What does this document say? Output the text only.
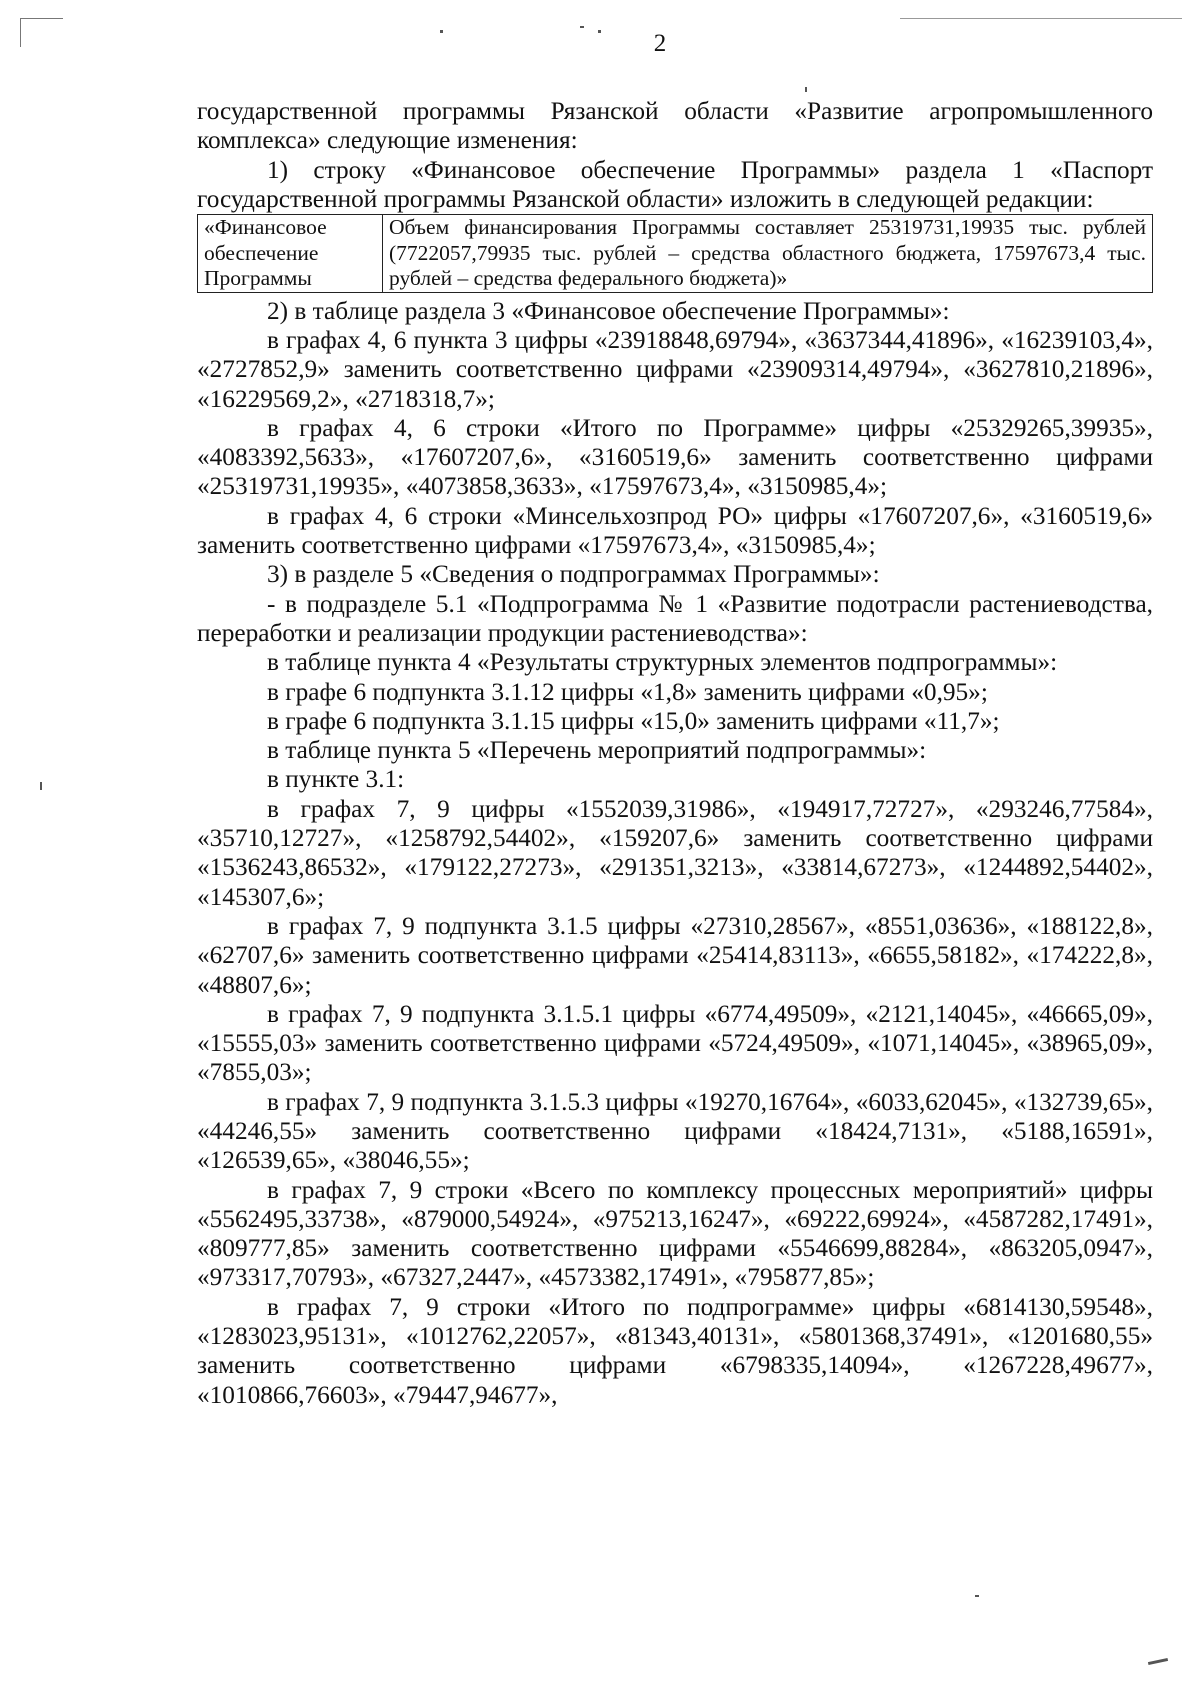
2

государственной программы Рязанской области «Развитие агропромышленного комплекса» следующие изменения:

1) строку «Финансовое обеспечение Программы» раздела 1 «Паспорт государственной программы Рязанской области» изложить в следующей редакции:

«Финансовое обеспечение Программы	Объем финансирования Программы составляет 25319731,19935 тыс. рублей (7722057,79935 тыс. рублей – средства областного бюджета, 17597673,4 тыс. рублей – средства федерального бюджета)»

2) в таблице раздела 3 «Финансовое обеспечение Программы»:

в графах 4, 6 пункта 3 цифры «23918848,69794», «3637344,41896», «16239103,4», «2727852,9» заменить соответственно цифрами «23909314,49794», «3627810,21896», «16229569,2», «2718318,7»;

в графах 4, 6 строки «Итого по Программе» цифры «25329265,39935», «4083392,5633», «17607207,6», «3160519,6» заменить соответственно цифрами «25319731,19935», «4073858,3633», «17597673,4», «3150985,4»;

в графах 4, 6 строки «Минсельхозпрод РО» цифры «17607207,6», «3160519,6» заменить соответственно цифрами «17597673,4», «3150985,4»;

3) в разделе 5 «Сведения о подпрограммах Программы»:

- в подразделе 5.1 «Подпрограмма № 1 «Развитие подотрасли растениеводства, переработки и реализации продукции растениеводства»:

в таблице пункта 4 «Результаты структурных элементов подпрограммы»:

в графе 6 подпункта 3.1.12 цифры «1,8» заменить цифрами «0,95»;

в графе 6 подпункта 3.1.15 цифры «15,0» заменить цифрами «11,7»;

в таблице пункта 5 «Перечень мероприятий подпрограммы»:

в пункте 3.1:

в графах 7, 9 цифры «1552039,31986», «194917,72727», «293246,77584», «35710,12727», «1258792,54402», «159207,6» заменить соответственно цифрами «1536243,86532», «179122,27273», «291351,3213», «33814,67273», «1244892,54402», «145307,6»;

в графах 7, 9 подпункта 3.1.5 цифры «27310,28567», «8551,03636», «188122,8», «62707,6» заменить соответственно цифрами «25414,83113», «6655,58182», «174222,8», «48807,6»;

в графах 7, 9 подпункта 3.1.5.1 цифры «6774,49509», «2121,14045», «46665,09», «15555,03» заменить соответственно цифрами «5724,49509», «1071,14045», «38965,09», «7855,03»;

в графах 7, 9 подпункта 3.1.5.3 цифры «19270,16764», «6033,62045», «132739,65», «44246,55» заменить соответственно цифрами «18424,7131», «5188,16591», «126539,65», «38046,55»;

в графах 7, 9 строки «Всего по комплексу процессных мероприятий» цифры «5562495,33738», «879000,54924», «975213,16247», «69222,69924», «4587282,17491», «809777,85» заменить соответственно цифрами «5546699,88284», «863205,0947», «973317,70793», «67327,2447», «4573382,17491», «795877,85»;

в графах 7, 9 строки «Итого по подпрограмме» цифры «6814130,59548», «1283023,95131», «1012762,22057», «81343,40131», «5801368,37491», «1201680,55» заменить соответственно цифрами «6798335,14094», «1267228,49677», «1010866,76603», «79447,94677»,
